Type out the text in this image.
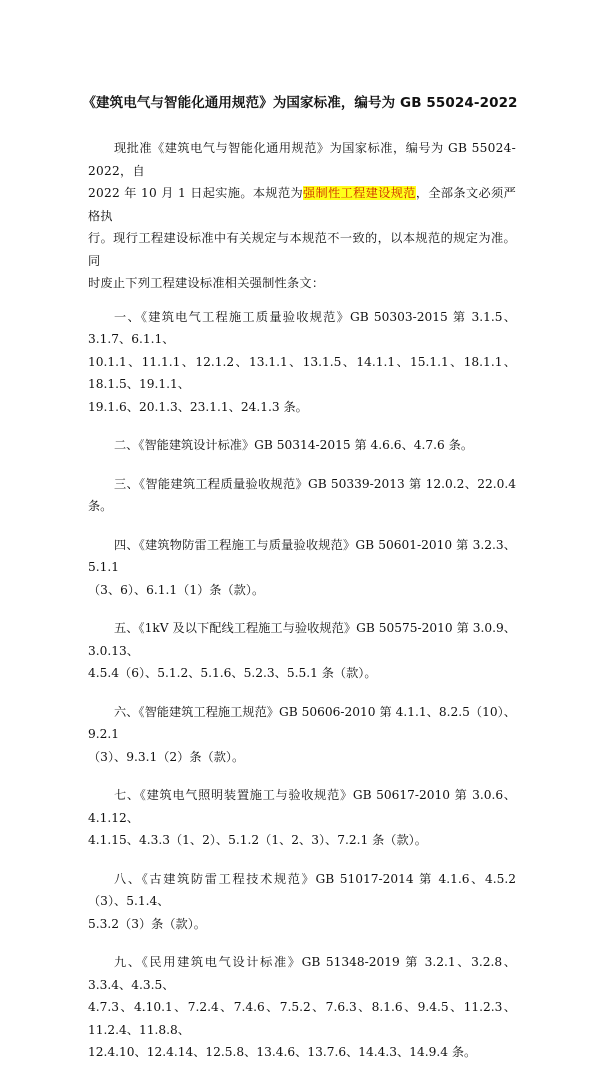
《建筑电气与智能化通用规范》为国家标准，编号为 GB 55024-2022

现批准《建筑电气与智能化通用规范》为国家标准，编号为 GB 55024-2022，自
2022 年 10 月 1 日起实施。本规范为强制性工程建设规范，全部条文必须严格执
行。现行工程建设标准中有关规定与本规范不一致的，以本规范的规定为准。同
时废止下列工程建设标准相关强制性条文：

一、《建筑电气工程施工质量验收规范》GB 50303-2015 第 3.1.5、3.1.7、6.1.1、
10.1.1、11.1.1、12.1.2、13.1.1、13.1.5、14.1.1、15.1.1、18.1.1、18.1.5、19.1.1、
19.1.6、20.1.3、23.1.1、24.1.3 条。

二、《智能建筑设计标准》GB 50314-2015 第 4.6.6、4.7.6 条。

三、《智能建筑工程质量验收规范》GB 50339-2013 第 12.0.2、22.0.4 条。

四、《建筑物防雷工程施工与质量验收规范》GB 50601-2010 第 3.2.3、5.1.1
（3、6）、6.1.1（1）条（款）。

五、《1kV 及以下配线工程施工与验收规范》GB 50575-2010 第 3.0.9、3.0.13、
4.5.4（6）、5.1.2、5.1.6、5.2.3、5.5.1 条（款）。

六、《智能建筑工程施工规范》GB 50606-2010 第 4.1.1、8.2.5（10）、9.2.1
（3）、9.3.1（2）条（款）。

七、《建筑电气照明装置施工与验收规范》GB 50617-2010 第 3.0.6、4.1.12、
4.1.15、4.3.3（1、2）、5.1.2（1、2、3）、7.2.1 条（款）。

八、《古建筑防雷工程技术规范》GB 51017-2014 第 4.1.6、4.5.2（3）、5.1.4、
5.3.2（3）条（款）。

九、《民用建筑电气设计标准》GB 51348-2019 第 3.2.1、3.2.8、3.3.4、4.3.5、
4.7.3、4.10.1、7.2.4、7.4.6、7.5.2、7.6.3、8.1.6、9.4.5、11.2.3、11.2.4、11.8.8、
12.4.10、12.4.14、12.5.8、13.4.6、13.7.6、14.4.3、14.9.4 条。
